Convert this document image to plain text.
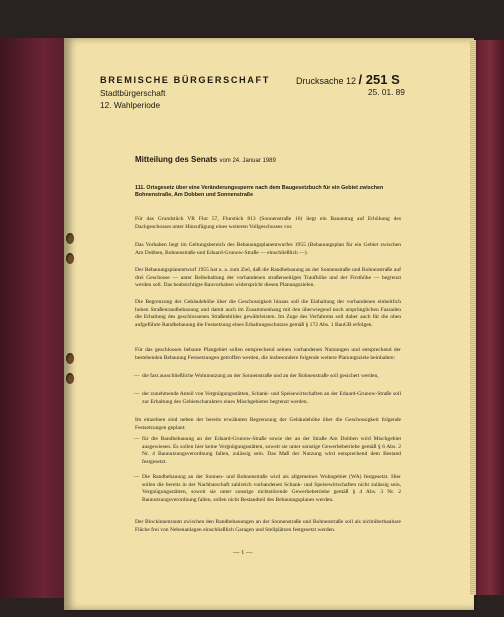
BREMISCHE BÜRGERSCHAFT
Stadtbürgerschaft
12. Wahlperiode
Drucksache 12 / 251 S
25. 01. 89
Mitteilung des Senats vom 24. Januar 1989
111. Ortsgesetz über eine Veränderungssperre nach dem Baugesetzbuch für ein Gebiet zwischen Bohnenstraße, Am Dobben und Sonnenstraße
Für das Grundstück VR Flur 57, Flurstück 813 (Sonnenstraße 16) liegt ein Bauantrag auf Erhöhung des Dachgeschosses unter Hinzufügung eines weiteren Vollgeschosses vor.
Das Vorhaben liegt im Geltungsbereich des Bebauungsplanentwurfes 1955 (Bebauungsplan für ein Gebiet zwischen Am Dobben, Bohnenstraße und Eduard-Grunow-Straße — einschließlich —).
Der Bebauungsplanentwurf 1955 hat u. a. zum Ziel, daß die Randbebauung an der Sonnenstraße und Bohnenstraße auf drei Geschosse — unter Beibehaltung der vorhandenen straßenseitigen Traufhöhe und der Firsthöhe — begrenzt werden soll. Das beabsichtigte Bauvorhaben widerspricht diesen Planungszielen.
Die Begrenzung der Gebäudehöhe über die Geschossigkeit hinaus soll die Einhaltung der vorhandenen einheitlich hohen Straßenrandbebauung und damit auch im Zusammenhang mit den überwiegend noch ursprünglichen Fassaden die Erhaltung des geschlossenen Straßenbildes gewährleisten. Im Zuge des Verfahrens soll daher auch für die oben aufgeführte Randbebauung die Festsetzung eines Erhaltungsschutzes gemäß § 172 Abs. 1 BauGB erfolgen.
Für das geschlossen bebaute Plangebiet sollen entsprechend seinen vorhandenen Nutzungen und entsprechend der bestehenden Bebauung Festsetzungen getroffen werden, die insbesondere folgende weitere Planungsziele beinhalten:
— die fast ausschließliche Wohnnutzung an der Sonnenstraße und an der Bohnenstraße soll gesichert werden,
— der zunehmende Anteil von Vergnügungsstätten, Schank- und Speisewirtschaften an der Eduard-Grunow-Straße soll zur Erhaltung des Gebietscharakters eines Mischgebietes begrenzt werden.
Im einzelnen sind neben der bereits erwähnten Begrenzung der Gebäudehöhe über die Geschossigkeit folgende Festsetzungen geplant:
— für die Randbebauung an der Eduard-Grunow-Straße sowie der an der Straße Am Dobben wird Mischgebiet ausgewiesen. Es sollen hier keine Vergnügungsstätten, soweit sie unter sonstige Gewerbebetriebe gemäß § 6 Abs. 2 Nr. 4 Baunutzungsverordnung fallen, zulässig sein. Das Maß der Nutzung wird entsprechend dem Bestand festgesetzt.
— Die Randbebauung an der Sonnen- und Bohnenstraße wird als allgemeines Wohngebiet (WA) festgesetzt. Hier sollen die bereits in der Nachbarschaft zahlreich vorhandenen Schank- und Speisewirtschaften nicht zulässig sein, Vergnügungsstätten, soweit sie unter sonstige nichtstörende Gewerbebetriebe gemäß § 4 Abs. 3 Nr. 2 Baunutzungsverordnung fallen, sollen nicht Bestandteil des Bebauungsplanes werden.
Der Blockinnenraum zwischen den Randbebauungen an der Sonnenstraße und Bohnenstraße soll als nichtüberbaubare Fläche frei von Nebenanlagen einschließlich Garagen und Stellplätzen festgesetzt werden.
— 1 —
